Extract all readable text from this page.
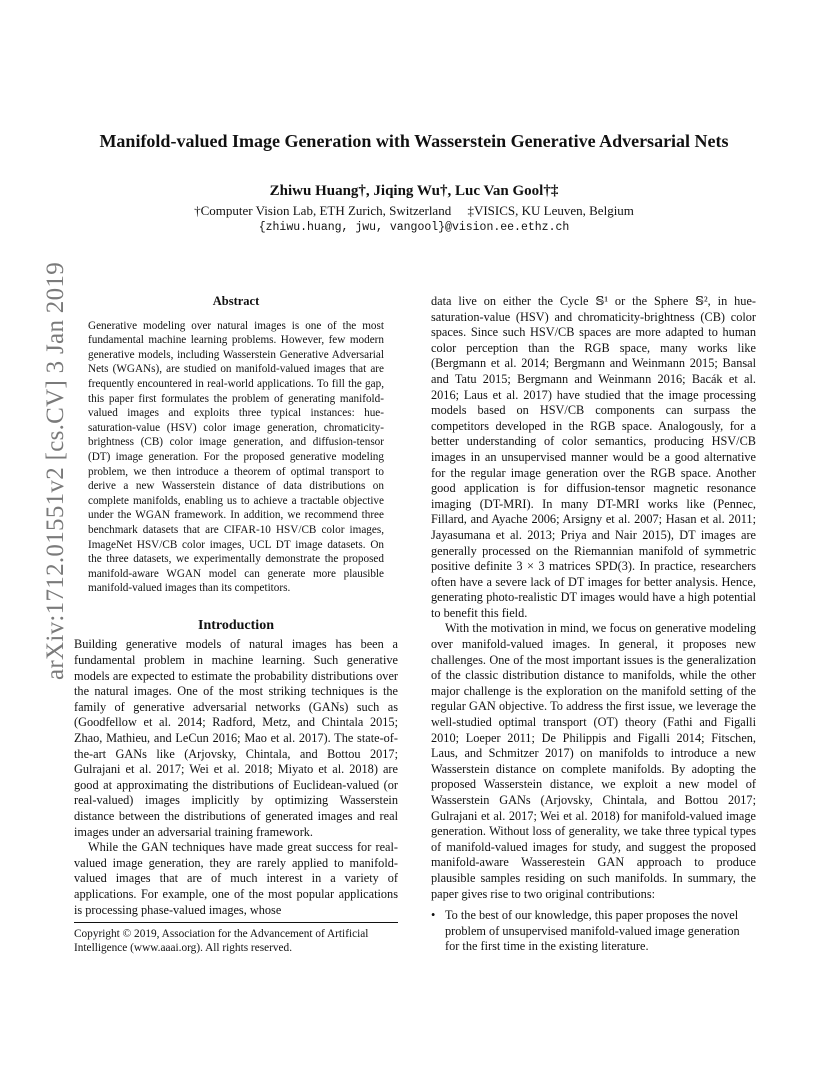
Manifold-valued Image Generation with Wasserstein Generative Adversarial Nets
Zhiwu Huang†, Jiqing Wu†, Luc Van Gool†‡
†Computer Vision Lab, ETH Zurich, Switzerland     ‡VISICS, KU Leuven, Belgium
{zhiwu.huang, jwu, vangool}@vision.ee.ethz.ch
arXiv:1712.01551v2 [cs.CV] 3 Jan 2019	Abstract

Generative modeling over natural images is one of the most fundamental machine learning problems. However, few modern generative models, including Wasserstein Generative Adversarial Nets (WGANs), are studied on manifold-valued images that are frequently encountered in real-world applications. To fill the gap, this paper first formulates the problem of generating manifold-valued images and exploits three typical instances: hue-saturation-value (HSV) color image generation, chromaticity-brightness (CB) color image generation, and diffusion-tensor (DT) image generation. For the proposed generative modeling problem, we then introduce a theorem of optimal transport to derive a new Wasserstein distance of data distributions on complete manifolds, enabling us to achieve a tractable objective under the WGAN framework. In addition, we recommend three benchmark datasets that are CIFAR-10 HSV/CB color images, ImageNet HSV/CB color images, UCL DT image datasets. On the three datasets, we experimentally demonstrate the proposed manifold-aware WGAN model can generate more plausible manifold-valued images than its competitors.

Introduction

Building generative models of natural images has been a fundamental problem in machine learning. Such generative models are expected to estimate the probability distributions over the natural images. One of the most striking techniques is the family of generative adversarial networks (GANs) such as (Goodfellow et al. 2014; Radford, Metz, and Chintala 2015; Zhao, Mathieu, and LeCun 2016; Mao et al. 2017). The state-of-the-art GANs like (Arjovsky, Chintala, and Bottou 2017; Gulrajani et al. 2017; Wei et al. 2018; Miyato et al. 2018) are good at approximating the distributions of Euclidean-valued (or real-valued) images implicitly by optimizing Wasserstein distance between the distributions of generated images and real images under an adversarial training framework.

While the GAN techniques have made great success for real-valued image generation, they are rarely applied to manifold-valued images that are of much interest in a variety of applications. For example, one of the most popular applications is processing phase-valued images, whose

Copyright © 2019, Association for the Advancement of Artificial Intelligence (www.aaai.org). All rights reserved.

data live on either the Cycle 𝕊¹ or the Sphere 𝕊², in hue-saturation-value (HSV) and chromaticity-brightness (CB) color spaces. Since such HSV/CB spaces are more adapted to human color perception than the RGB space, many works like (Bergmann et al. 2014; Bergmann and Weinmann 2015; Bansal and Tatu 2015; Bergmann and Weinmann 2016; Bacák et al. 2016; Laus et al. 2017) have studied that the image processing models based on HSV/CB components can surpass the competitors developed in the RGB space. Analogously, for a better understanding of color semantics, producing HSV/CB images in an unsupervised manner would be a good alternative for the regular image generation over the RGB space. Another good application is for diffusion-tensor magnetic resonance imaging (DT-MRI). In many DT-MRI works like (Pennec, Fillard, and Ayache 2006; Arsigny et al. 2007; Hasan et al. 2011; Jayasumana et al. 2013; Priya and Nair 2015), DT images are generally processed on the Riemannian manifold of symmetric positive definite 3 × 3 matrices SPD(3). In practice, researchers often have a severe lack of DT images for better analysis. Hence, generating photo-realistic DT images would have a high potential to benefit this field.

With the motivation in mind, we focus on generative modeling over manifold-valued images. In general, it proposes new challenges. One of the most important issues is the generalization of the classic distribution distance to manifolds, while the other major challenge is the exploration on the manifold setting of the regular GAN objective. To address the first issue, we leverage the well-studied optimal transport (OT) theory (Fathi and Figalli 2010; Loeper 2011; De Philippis and Figalli 2014; Fitschen, Laus, and Schmitzer 2017) on manifolds to introduce a new Wasserstein distance on complete manifolds. By adopting the proposed Wasserstein distance, we exploit a new model of Wasserstein GANs (Arjovsky, Chintala, and Bottou 2017; Gulrajani et al. 2017; Wei et al. 2018) for manifold-valued image generation. Without loss of generality, we take three typical types of manifold-valued images for study, and suggest the proposed manifold-aware Wasserestein GAN approach to produce plausible samples residing on such manifolds. In summary, the paper gives rise to two original contributions:

• To the best of our knowledge, this paper proposes the novel problem of unsupervised manifold-valued image generation for the first time in the existing literature.
